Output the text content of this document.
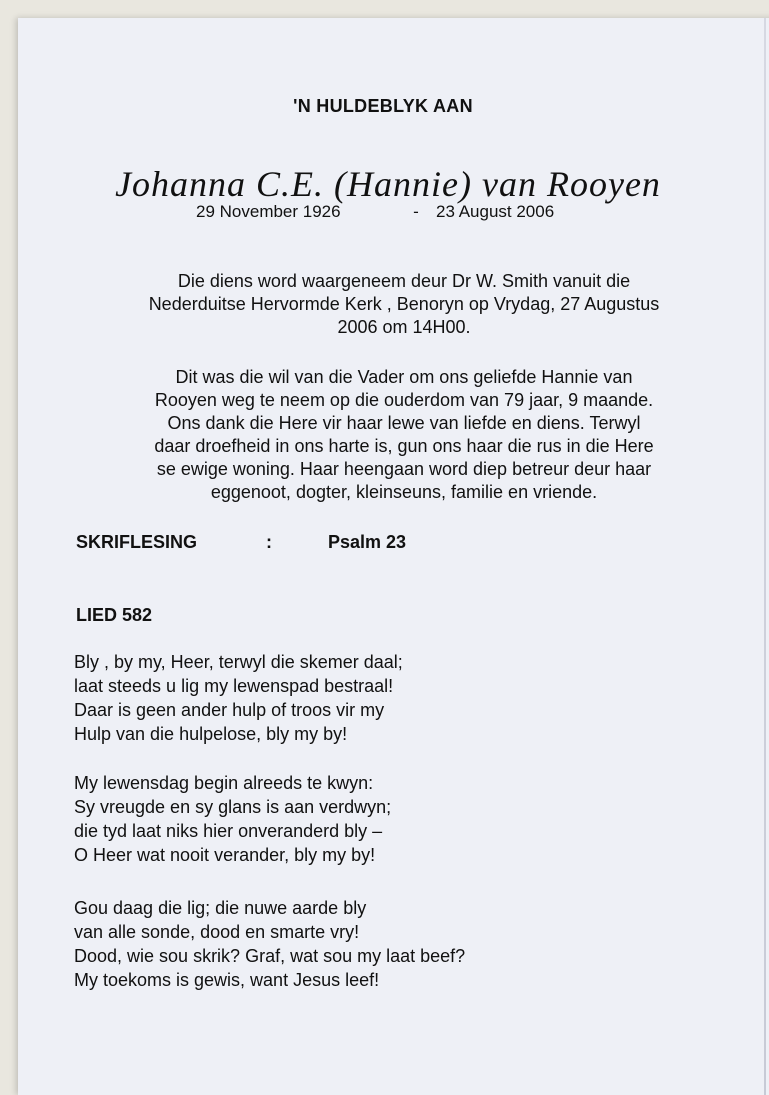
'N HULDEBLYK AAN
Johanna C.E. (Hannie) van Rooyen
29 November 1926	-	23 August 2006
Die diens word waargeneem deur Dr W. Smith vanuit die
Nederduitse Hervormde Kerk , Benoryn op Vrydag, 27 Augustus
2006 om 14H00.
Dit was die wil van die Vader om ons geliefde Hannie van
Rooyen weg te neem op die ouderdom van 79 jaar, 9 maande.
Ons dank die Here vir haar lewe van liefde en diens. Terwyl
daar droefheid in ons harte is, gun ons haar die rus in die Here
se ewige woning. Haar heengaan word diep betreur deur haar
eggenoot, dogter, kleinseuns, familie en vriende.
SKRIFLESING	:	Psalm 23
LIED 582
Bly , by my, Heer, terwyl die skemer daal;
laat steeds u lig my lewenspad bestraal!
Daar is geen ander hulp of troos vir my
Hulp van die hulpelose, bly my by!
My lewensdag begin alreeds te kwyn:
Sy vreugde en sy glans is aan verdwyn;
die tyd laat niks hier onveranderd bly –
O Heer wat nooit verander, bly my by!
Gou daag die lig; die nuwe aarde bly
van alle sonde, dood en smarte vry!
Dood, wie sou skrik? Graf, wat sou my laat beef?
My toekoms is gewis, want Jesus leef!
